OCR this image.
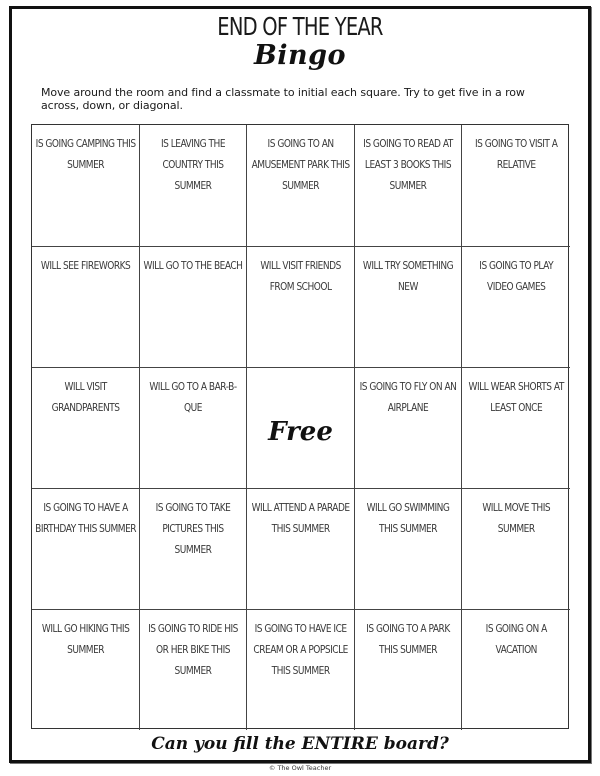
END OF THE YEAR
Bingo
Move around the room and find a classmate to initial each square. Try to get five in a row across, down, or diagonal.
IS GOING CAMPING THIS SUMMER
IS LEAVING THE COUNTRY THIS SUMMER
IS GOING TO AN AMUSEMENT PARK THIS SUMMER
IS GOING TO READ AT LEAST 3 BOOKS THIS SUMMER
IS GOING TO VISIT A RELATIVE
WILL SEE FIREWORKS	WILL GO TO THE BEACH	WILL VISIT FRIENDS FROM SCHOOL
WILL TRY SOMETHING NEW
IS GOING TO PLAY VIDEO GAMES
WILL VISIT GRANDPARENTS
WILL GO TO A BAR-B-QUE
Free
IS GOING TO FLY ON AN AIRPLANE
WILL WEAR SHORTS AT LEAST ONCE
IS GOING TO HAVE A BIRTHDAY THIS SUMMER
IS GOING TO TAKE PICTURES THIS SUMMER
WILL ATTEND A PARADE THIS SUMMER
WILL GO SWIMMING THIS SUMMER
WILL MOVE THIS SUMMER
WILL GO HIKING THIS SUMMER
IS GOING TO RIDE HIS OR HER BIKE THIS SUMMER
IS GOING TO HAVE ICE CREAM OR A POPSICLE THIS SUMMER
IS GOING TO A PARK THIS SUMMER
IS GOING ON A VACATION
Can you fill the ENTIRE board?
© The Owl Teacher
